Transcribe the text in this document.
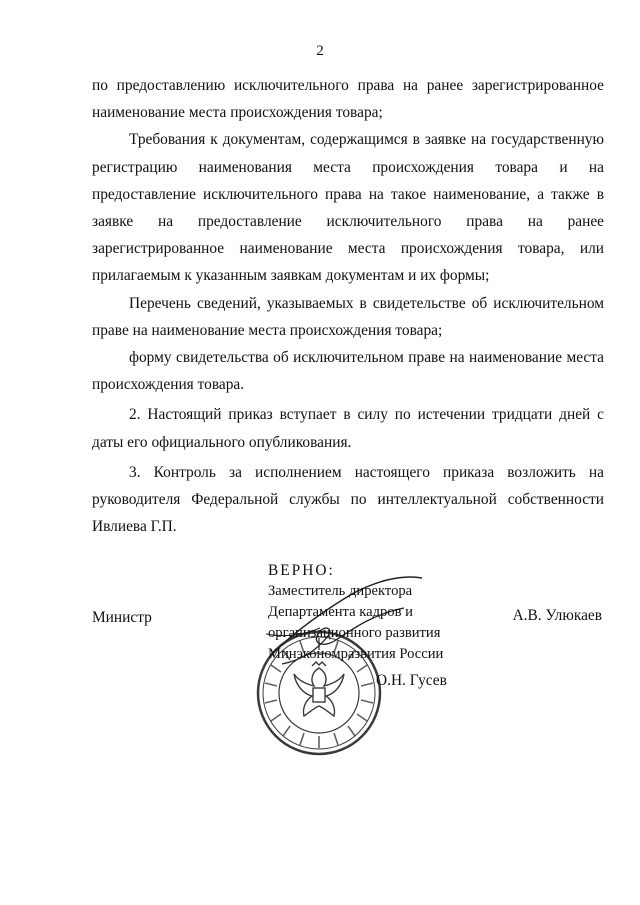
2

по предоставлению исключительного права на ранее зарегистрированное наименование места происхождения товара;

Требования к документам, содержащимся в заявке на государственную регистрацию наименования места происхождения товара и на предоставление исключительного права на такое наименование, а также в заявке на предоставление исключительного права на ранее зарегистрированное наименование места происхождения товара, или прилагаемым к указанным заявкам документам и их формы;

Перечень сведений, указываемых в свидетельстве об исключительном праве на наименование места происхождения товара;

форму свидетельства об исключительном праве на наименование места происхождения товара.

2. Настоящий приказ вступает в силу по истечении тридцати дней с даты его официального опубликования.

3. Контроль за исполнением настоящего приказа возложить на руководителя Федеральной службы по интеллектуальной собственности Ивлиева Г.П.

Министр	А.В. Улюкаев
ВЕРНО:
Заместитель директора
Департамента кадров и
организационного развития
Минэкономразвития России
О.Н. Гусев
